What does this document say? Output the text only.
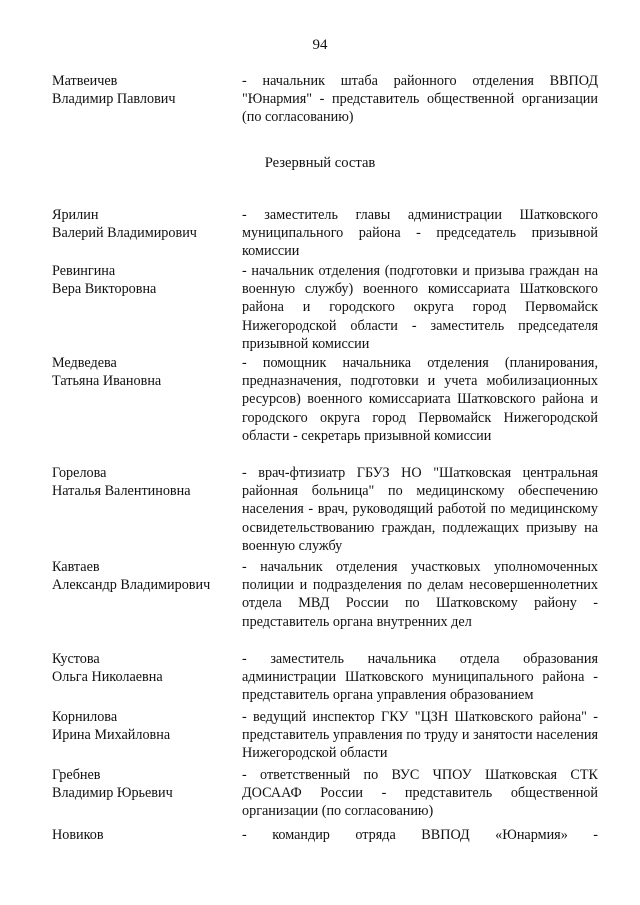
94
Матвеичев
Владимир Павлович
- начальник штаба районного отделения ВВПОД "Юнармия" - представитель общественной организации (по согласованию)
Резервный состав
Ярилин
Валерий Владимирович
- заместитель главы администрации Шатковского муниципального района - председатель призывной комиссии
Ревингина
Вера Викторовна
- начальник отделения (подготовки и призыва граждан на военную службу) военного комиссариата Шатковского района и городского округа город Первомайск Нижегородской области - заместитель председателя призывной комиссии
Медведева
Татьяна Ивановна
- помощник начальника отделения (планирования, предназначения, подготовки и учета мобилизационных ресурсов) военного комиссариата Шатковского района и городского округа город Первомайск Нижегородской области - секретарь призывной комиссии
Горелова
Наталья Валентиновна
- врач-фтизиатр ГБУЗ НО "Шатковская центральная районная больница" по медицинскому обеспечению населения - врач, руководящий работой по медицинскому освидетельствованию граждан, подлежащих призыву на военную службу
Кавтаев
Александр Владимирович
- начальник отделения участковых уполномоченных полиции и подразделения по делам несовершеннолетних отдела МВД России по Шатковскому району - представитель органа внутренних дел
Кустова
Ольга Николаевна
- заместитель начальника отдела образования администрации Шатковского муниципального района - представитель органа управления образованием
Корнилова
Ирина Михайловна
- ведущий инспектор ГКУ "ЦЗН Шатковского района" - представитель управления по труду и занятости населения Нижегородской области
Гребнев
Владимир Юрьевич
- ответственный по ВУС ЧПОУ Шатковская СТК ДОСААФ России - представитель общественной организации (по согласованию)
Новиков	- командир отряда ВВПОД «Юнармия» -
